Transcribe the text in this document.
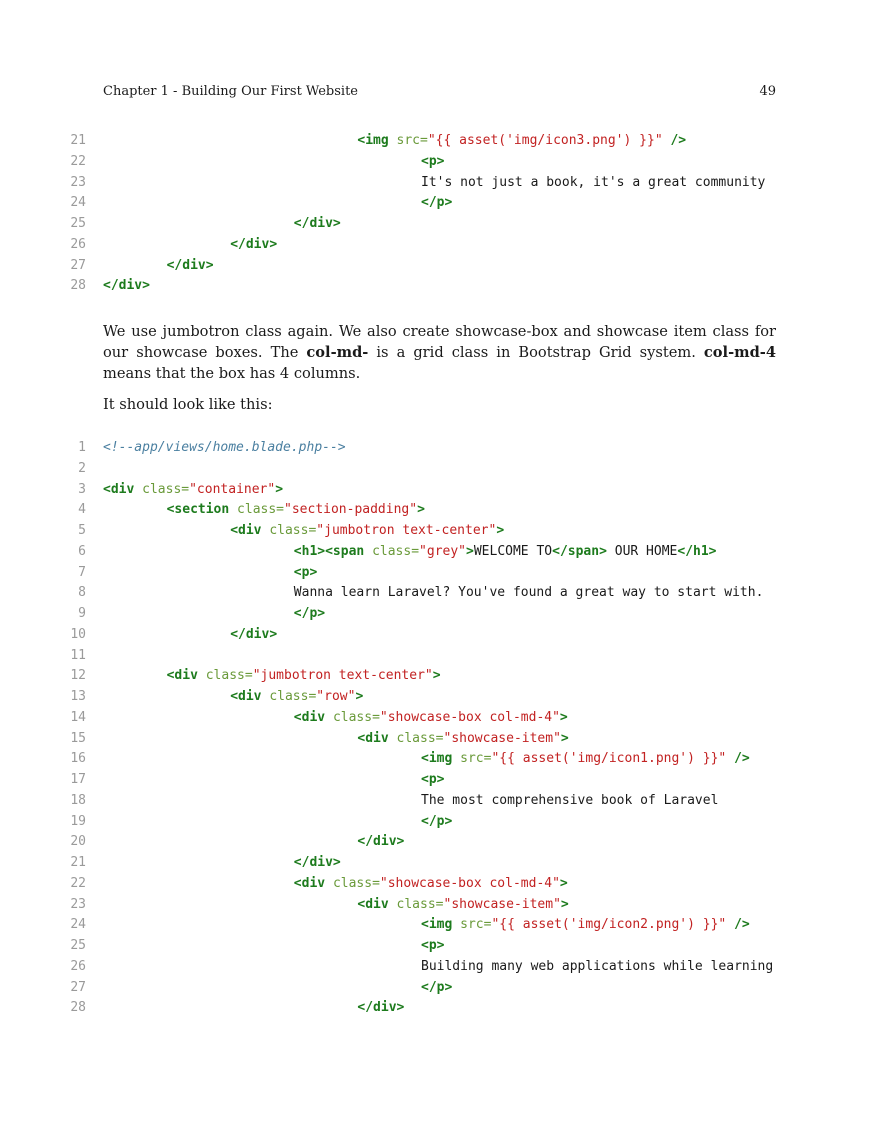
Chapter 1 - Building Our First Website	49
21	<img src="{{ asset('img/icon3.png') }}" />
22	<p>
23	It's not just a book, it's a great community
24	</p>
25	</div>
26	</div>
27	</div>
28 </div>

We use jumbotron class again. We also create showcase-box and showcase item class for our showcase boxes. The col-md- is a grid class in Bootstrap Grid system. col-md-4 means that the box has 4 columns.

It should look like this:

1 <!--app/views/home.blade.php-->
2
3 <div class="container">
4	<section class="section-padding">
5	<div class="jumbotron text-center">
6	<h1><span class="grey">WELCOME TO</span> OUR HOME</h1>
7	<p>
8	Wanna learn Laravel? You've found a great way to start with.
9	</p>
10	</div>
11
12	<div class="jumbotron text-center">
13	<div class="row">
14	<div class="showcase-box col-md-4">
15	<div class="showcase-item">
16	<img src="{{ asset('img/icon1.png') }}" />
17	<p>
18	The most comprehensive book of Laravel
19	</p>
20	</div>
21	</div>
22	<div class="showcase-box col-md-4">
23	<div class="showcase-item">
24	<img src="{{ asset('img/icon2.png') }}" />
25	<p>
26	Building many web applications while learning
27	</p>
28	</div>
